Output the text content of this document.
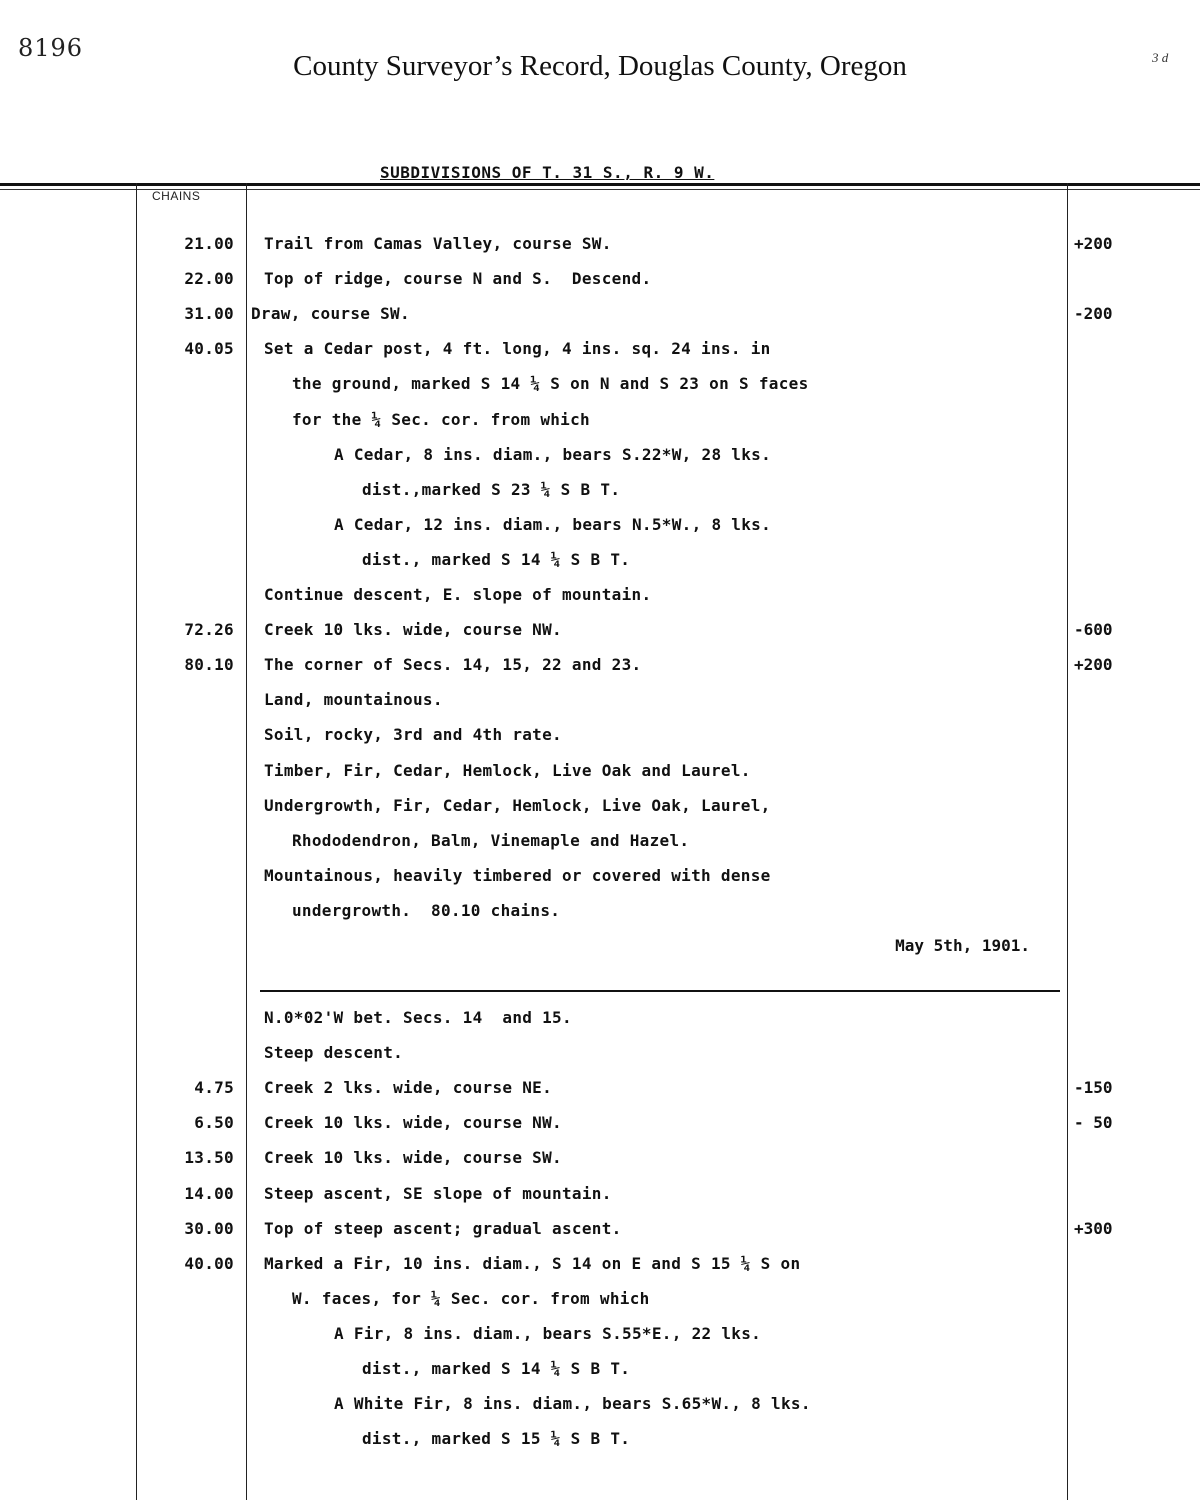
8196
County Surveyor’s Record, Douglas County, Oregon	3 d
SUBDIVISIONS OF T. 31 S., R. 9 W.
CHAINS
21.00 Trail from Camas Valley, course SW.	+200
22.00 Top of ridge, course N and S.  Descend.
31.00 Draw, course SW.	-200
40.05 Set a Cedar post, 4 ft. long, 4 ins. sq. 24 ins. in
the ground, marked S 14 ¼ S on N and S 23 on S faces
for the ¼ Sec. cor. from which
A Cedar, 8 ins. diam., bears S.22*W, 28 lks.
dist.,marked S 23 ¼ S B T.
A Cedar, 12 ins. diam., bears N.5*W., 8 lks.
dist., marked S 14 ¼ S B T.
Continue descent, E. slope of mountain.
72.26 Creek 10 lks. wide, course NW.	-600
80.10 The corner of Secs. 14, 15, 22 and 23.	+200
Land, mountainous.
Soil, rocky, 3rd and 4th rate.
Timber, Fir, Cedar, Hemlock, Live Oak and Laurel.
Undergrowth, Fir, Cedar, Hemlock, Live Oak, Laurel,
Rhododendron, Balm, Vinemaple and Hazel.
Mountainous, heavily timbered or covered with dense
undergrowth.  80.10 chains.
May 5th, 1901.
N.0*02'W bet. Secs. 14  and 15.
Steep descent.
4.75 Creek 2 lks. wide, course NE.	-150
6.50 Creek 10 lks. wide, course NW.	- 50
13.50 Creek 10 lks. wide, course SW.
14.00 Steep ascent, SE slope of mountain.
30.00 Top of steep ascent; gradual ascent.	+300
40.00 Marked a Fir, 10 ins. diam., S 14 on E and S 15 ¼ S on
W. faces, for ¼ Sec. cor. from which
A Fir, 8 ins. diam., bears S.55*E., 22 lks.
dist., marked S 14 ¼ S B T.
A White Fir, 8 ins. diam., bears S.65*W., 8 lks.
dist., marked S 15 ¼ S B T.
